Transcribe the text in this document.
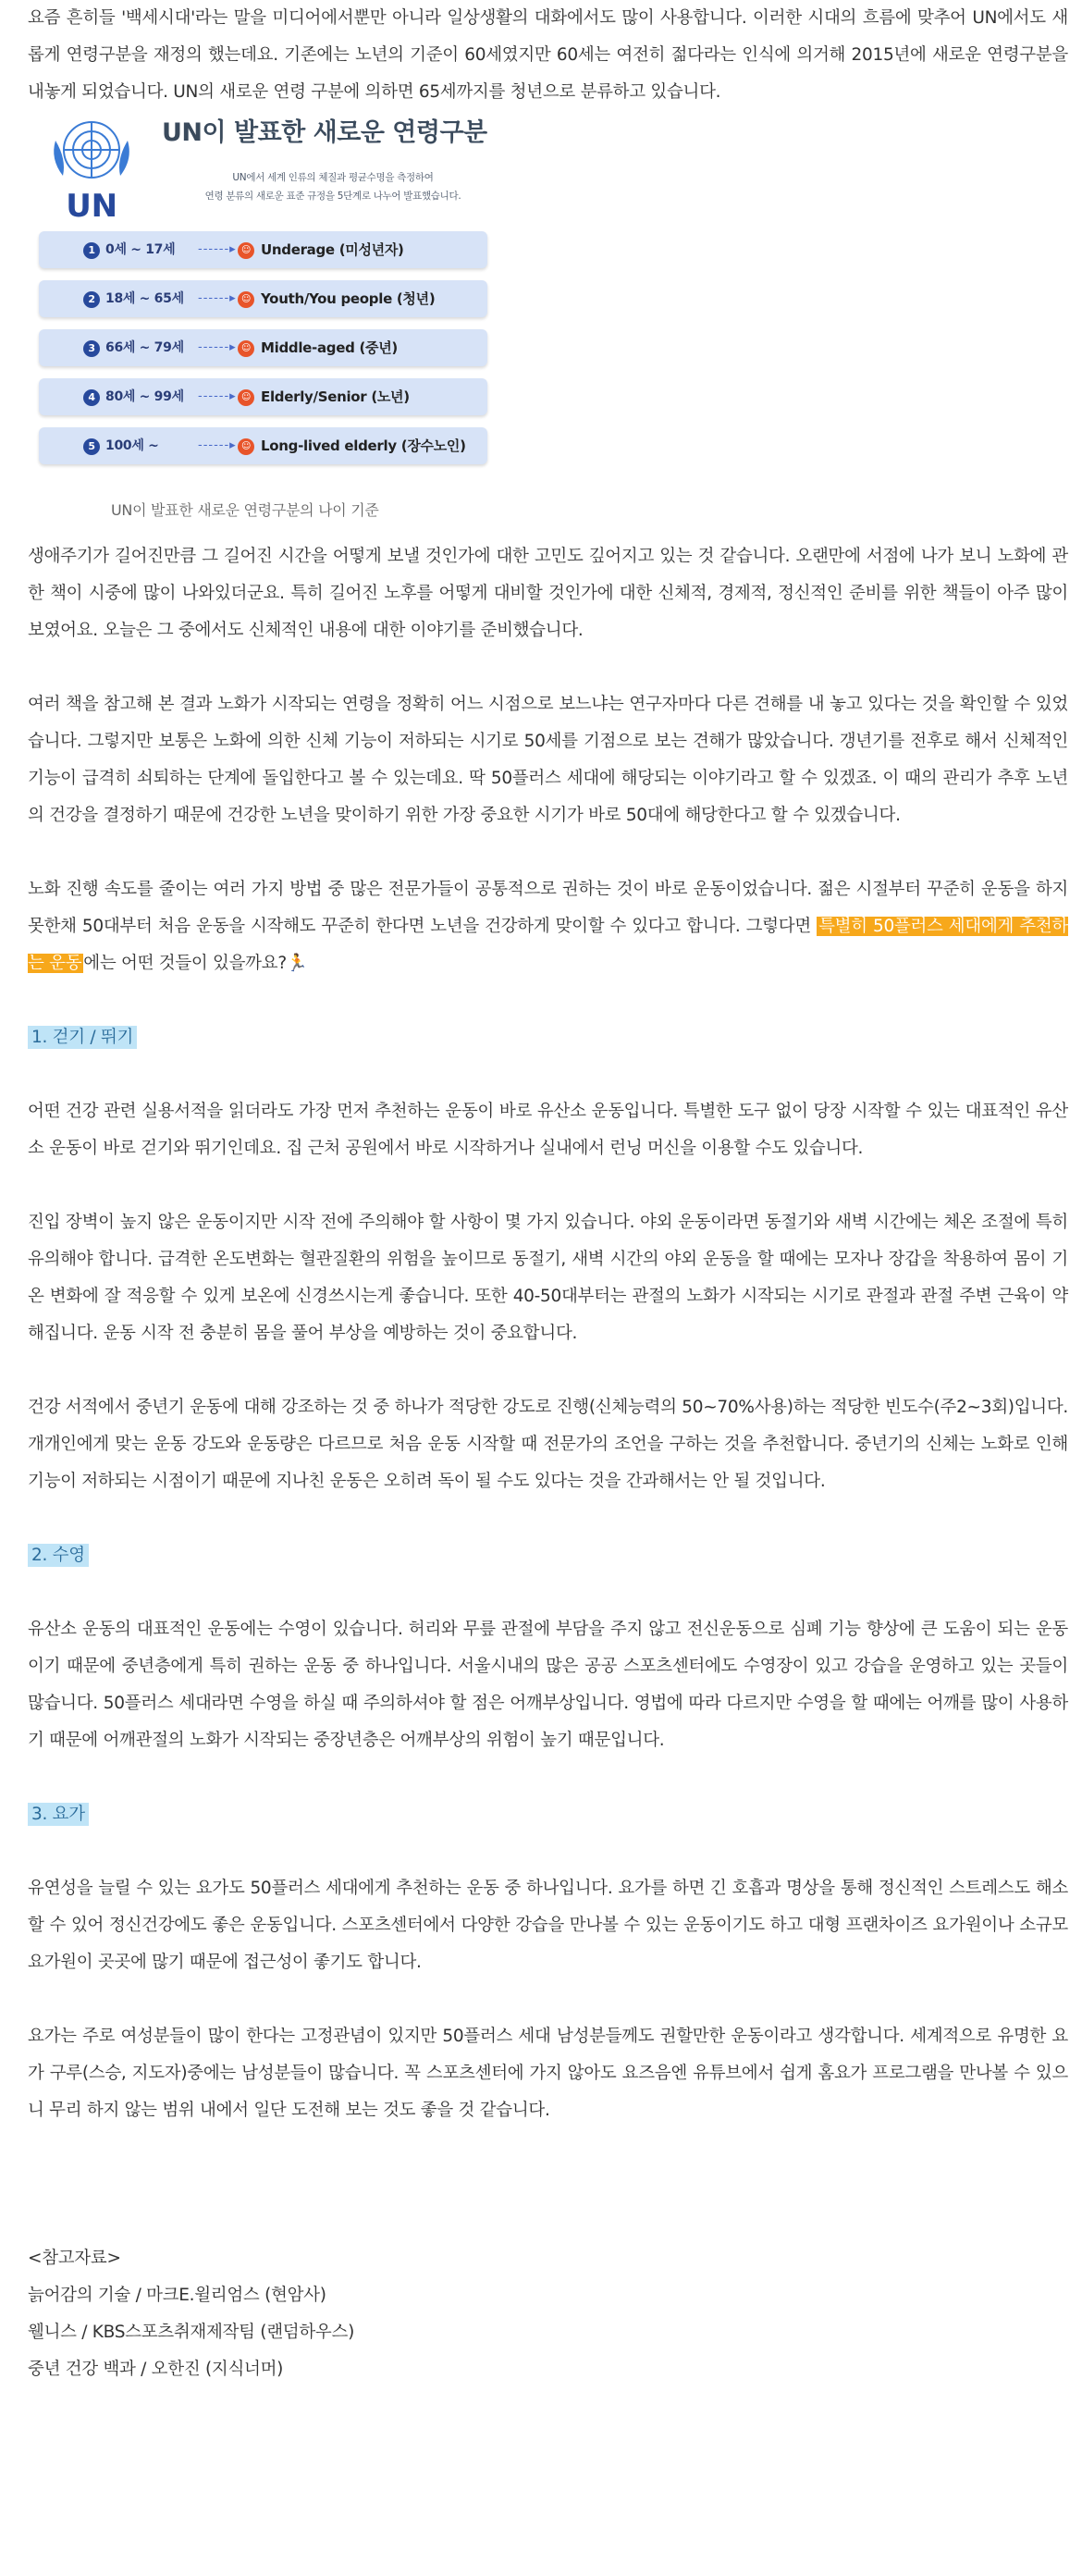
요즘 흔히들 '백세시대'라는 말을 미디어에서뿐만 아니라 일상생활의 대화에서도 많이 사용합니다. 이러한 시대의 흐름에 맞추어 UN에서도 새롭게 연령구분을 재정의 했는데요. 기존에는 노년의 기준이 60세였지만 60세는 여전히 젊다라는 인식에 의거해 2015년에 새로운 연령구분을 내놓게 되었습니다. UN의 새로운 연령 구분에 의하면 65세까지를 청년으로 분류하고 있습니다.

UN
UN이 발표한 새로운 연령구분
UN에서 세계 인류의 체질과 평균수명을 측정하여
연령 분류의 새로운 표준 규정을 5단계로 나누어 발표했습니다.
1 0세 ~ 17세 ------▸ ☺ Underage (미성년자)
2 18세 ~ 65세 ------▸ ☺ Youth/You people (청년)
3 66세 ~ 79세 ------▸ ☺ Middle-aged (중년)
4 80세 ~ 99세 ------▸ ☺ Elderly/Senior (노년)
5 100세 ~	------▸ ☺ Long-lived elderly (장수노인)
UN이 발표한 새로운 연령구분의 나이 기준

생애주기가 길어진만큼 그 길어진 시간을 어떻게 보낼 것인가에 대한 고민도 깊어지고 있는 것 같습니다. 오랜만에 서점에 나가 보니 노화에 관한 책이 시중에 많이 나와있더군요. 특히 길어진 노후를 어떻게 대비할 것인가에 대한 신체적, 경제적, 정신적인 준비를 위한 책들이 아주 많이 보였어요. 오늘은 그 중에서도 신체적인 내용에 대한 이야기를 준비했습니다.

여러 책을 참고해 본 결과 노화가 시작되는 연령을 정확히 어느 시점으로 보느냐는 연구자마다 다른 견해를 내 놓고 있다는 것을 확인할 수 있었습니다. 그렇지만 보통은 노화에 의한 신체 기능이 저하되는 시기로 50세를 기점으로 보는 견해가 많았습니다. 갱년기를 전후로 해서 신체적인 기능이 급격히 쇠퇴하는 단계에 돌입한다고 볼 수 있는데요. 딱 50플러스 세대에 해당되는 이야기라고 할 수 있겠죠. 이 때의 관리가 추후 노년의 건강을 결정하기 때문에 건강한 노년을 맞이하기 위한 가장 중요한 시기가 바로 50대에 해당한다고 할 수 있겠습니다.

노화 진행 속도를 줄이는 여러 가지 방법 중 많은 전문가들이 공통적으로 권하는 것이 바로 운동이었습니다. 젊은 시절부터 꾸준히 운동을 하지 못한채 50대부터 처음 운동을 시작해도 꾸준히 한다면 노년을 건강하게 맞이할 수 있다고 합니다. 그렇다면 특별히 50플러스 세대에게 추천하는 운동 에는 어떤 것들이 있을까요?🏃

1. 걷기 / 뛰기

어떤 건강 관련 실용서적을 읽더라도 가장 먼저 추천하는 운동이 바로 유산소 운동입니다. 특별한 도구 없이 당장 시작할 수 있는 대표적인 유산소 운동이 바로 걷기와 뛰기인데요. 집 근처 공원에서 바로 시작하거나 실내에서 런닝 머신을 이용할 수도 있습니다.

진입 장벽이 높지 않은 운동이지만 시작 전에 주의해야 할 사항이 몇 가지 있습니다. 야외 운동이라면 동절기와 새벽 시간에는 체온 조절에 특히 유의해야 합니다. 급격한 온도변화는 혈관질환의 위험을 높이므로 동절기, 새벽 시간의 야외 운동을 할 때에는 모자나 장갑을 착용하여 몸이 기온 변화에 잘 적응할 수 있게 보온에 신경쓰시는게 좋습니다. 또한 40-50대부터는 관절의 노화가 시작되는 시기로 관절과 관절 주변 근육이 약해집니다. 운동 시작 전 충분히 몸을 풀어 부상을 예방하는 것이 중요합니다.

건강 서적에서 중년기 운동에 대해 강조하는 것 중 하나가 적당한 강도로 진행(신체능력의 50~70%사용)하는 적당한 빈도수(주2~3회)입니다. 개개인에게 맞는 운동 강도와 운동량은 다르므로 처음 운동 시작할 때 전문가의 조언을 구하는 것을 추천합니다. 중년기의 신체는 노화로 인해 기능이 저하되는 시점이기 때문에 지나친 운동은 오히려 독이 될 수도 있다는 것을 간과해서는 안 될 것입니다.

2. 수영

유산소 운동의 대표적인 운동에는 수영이 있습니다. 허리와 무릎 관절에 부담을 주지 않고 전신운동으로 심폐 기능 향상에 큰 도움이 되는 운동이기 때문에 중년층에게 특히 권하는 운동 중 하나입니다. 서울시내의 많은 공공 스포츠센터에도 수영장이 있고 강습을 운영하고 있는 곳들이 많습니다. 50플러스 세대라면 수영을 하실 때 주의하셔야 할 점은 어깨부상입니다. 영법에 따라 다르지만 수영을 할 때에는 어깨를 많이 사용하기 때문에 어깨관절의 노화가 시작되는 중장년층은 어깨부상의 위험이 높기 때문입니다.

3. 요가

유연성을 늘릴 수 있는 요가도 50플러스 세대에게 추천하는 운동 중 하나입니다. 요가를 하면 긴 호흡과 명상을 통해 정신적인 스트레스도 해소할 수 있어 정신건강에도 좋은 운동입니다. 스포츠센터에서 다양한 강습을 만나볼 수 있는 운동이기도 하고 대형 프랜차이즈 요가원이나 소규모 요가원이 곳곳에 많기 때문에 접근성이 좋기도 합니다.

요가는 주로 여성분들이 많이 한다는 고정관념이 있지만 50플러스 세대 남성분들께도 권할만한 운동이라고 생각합니다. 세계적으로 유명한 요가 구루(스승, 지도자)중에는 남성분들이 많습니다. 꼭 스포츠센터에 가지 않아도 요즈음엔 유튜브에서 쉽게 홈요가 프로그램을 만나볼 수 있으니 무리 하지 않는 범위 내에서 일단 도전해 보는 것도 좋을 것 같습니다.

<참고자료>

늙어감의 기술 / 마크E.윌리엄스 (현암사)

웰니스 / KBS스포츠취재제작팀 (랜덤하우스)

중년 건강 백과 / 오한진 (지식너머)
